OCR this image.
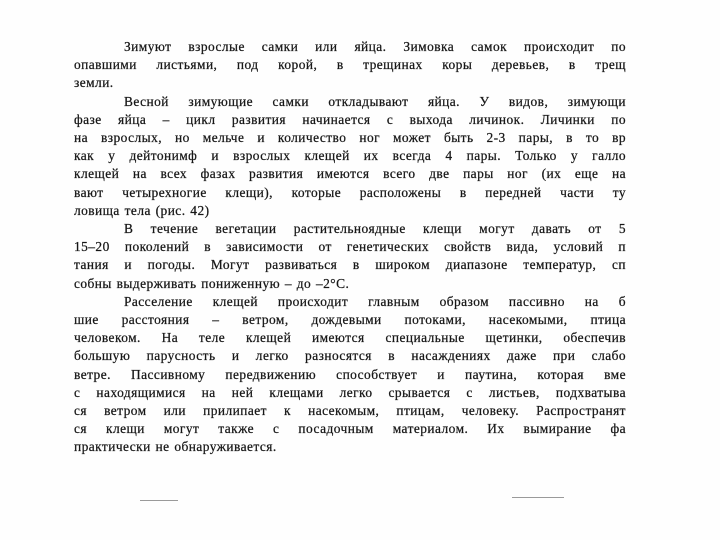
Зимуют взрослые самки или яйца. Зимовка самок происходит по
опавшими листьями, под корой, в трещинах коры деревьев, в трещ
земли.
Весной зимующие самки откладывают яйца. У видов, зимующи
фазе яйца – цикл развития начинается с выхода личинок. Личинки по
на взрослых, но мельче и количество ног может быть 2-3 пары, в то вр
как у дейтонимф и взрослых клещей их всегда 4 пары. Только у галло
клещей на всех фазах развития имеются всего две пары ног (их еще на
вают четырехногие клещи), которые расположены в передней части ту
ловища тела (рис. 42)
В течение вегетации растительноядные клещи могут давать от 5
15–20 поколений в зависимости от генетических свойств вида, условий п
тания и погоды. Могут развиваться в широком диапазоне температур, сп
собны выдерживать пониженную – до –2°С.
Расселение клещей происходит главным образом пассивно на б
шие расстояния – ветром, дождевыми потоками, насекомыми, птица
человеком. На теле клещей имеются специальные щетинки, обеспечив
большую парусность и легко разносятся в насаждениях даже при слабо
ветре. Пассивному передвижению способствует и паутина, которая вме
с находящимися на ней клещами легко срывается с листьев, подхватыва
ся ветром или прилипает к насекомым, птицам, человеку. Распространят
ся клещи могут также с посадочным материалом. Их вымирание фа
практически не обнаруживается.
